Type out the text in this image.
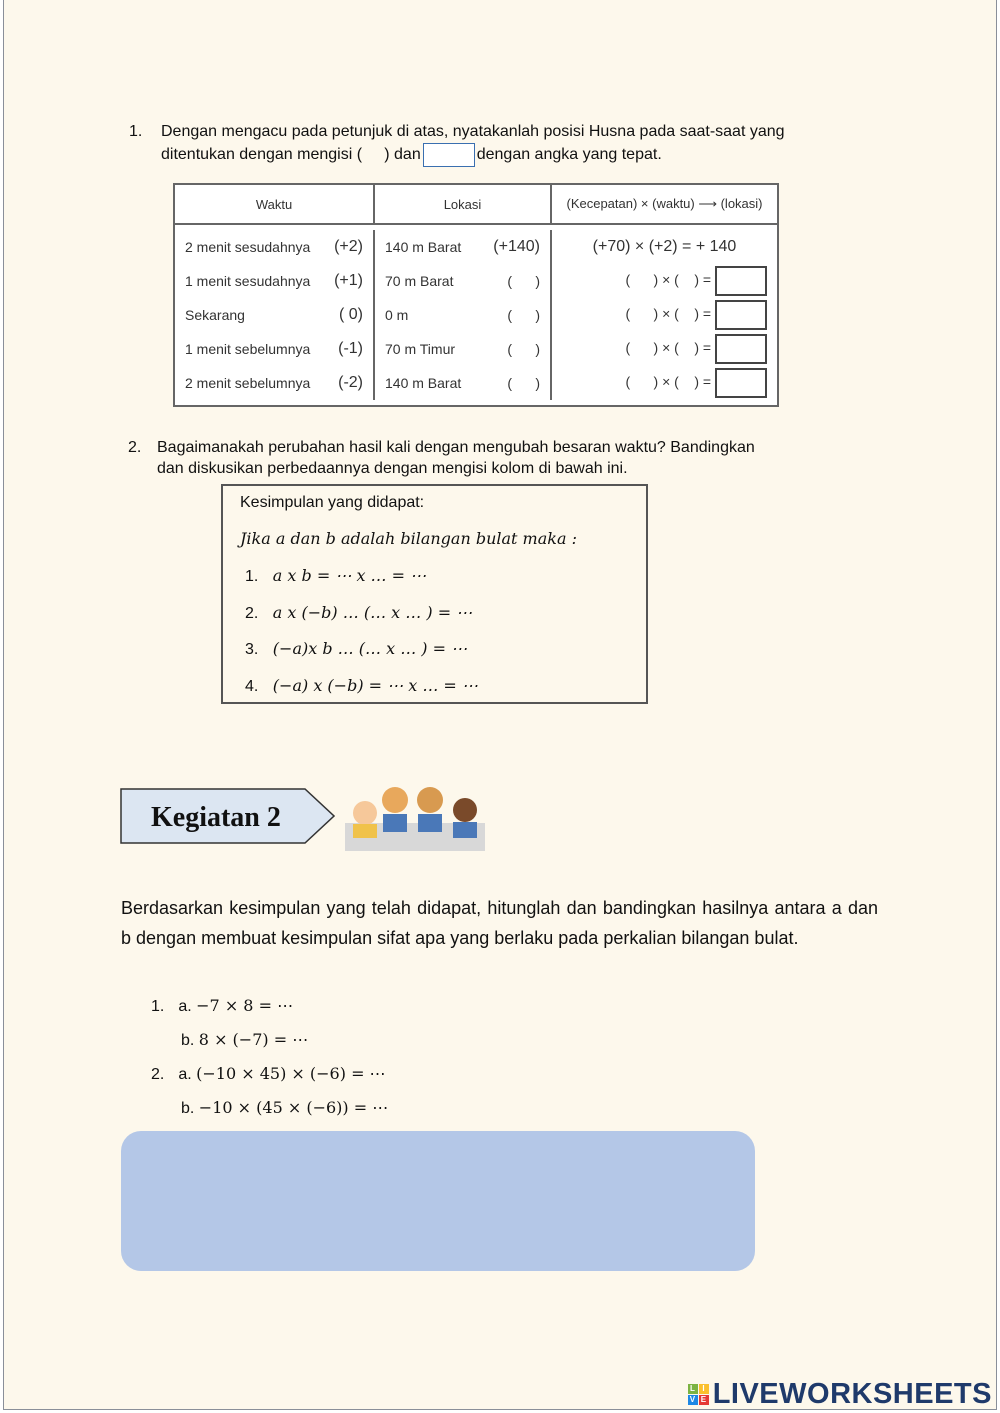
1. Dengan mengacu pada petunjuk di atas, nyatakanlah posisi Husna pada saat-saat yang
ditentukan dengan mengisi (     ) dan	dengan angka yang tepat.
Waktu	Lokasi	(Kecepatan) × (waktu) ⟶ (lokasi)

2 menit sesudahnya (+2)	140 m Barat (+140)	(+70) × (+2) = + 140

1 menit sesudahnya (+1)	70 m Barat (      )	(      ) × (    ) =

Sekarang ( 0)	0 m (      )	(      ) × (    ) =

1 menit sebelumnya (-1)	70 m Timur (      )	(      ) × (    ) =

2 menit sebelumnya (-2)	140 m Barat (      )	(      ) × (    ) =

2. Bagaimanakah perubahan hasil kali dengan mengubah besaran waktu? Bandingkan
dan diskusikan perbedaannya dengan mengisi kolom di bawah ini.
Kesimpulan yang didapat:
Jika a dan b adalah bilangan bulat maka :
1. a x b = ⋯ x … = ⋯
2. a x (−b) … (… x … ) = ⋯
3. (−a)x b … (… x … ) = ⋯
4. (−a) x (−b) = ⋯ x … = ⋯
Kegiatan 2
Berdasarkan kesimpulan yang telah didapat, hitunglah dan bandingkan hasilnya antara a dan b dengan membuat kesimpulan sifat apa yang berlaku pada perkalian bilangan bulat.
1. a. −7 × 8 = ⋯
b. 8 × (−7) = ⋯
2. a. (−10 × 45) × (−6) = ⋯
b. −10 × (45 × (−6)) = ⋯
L I
V E LIVEWORKSHEETS
